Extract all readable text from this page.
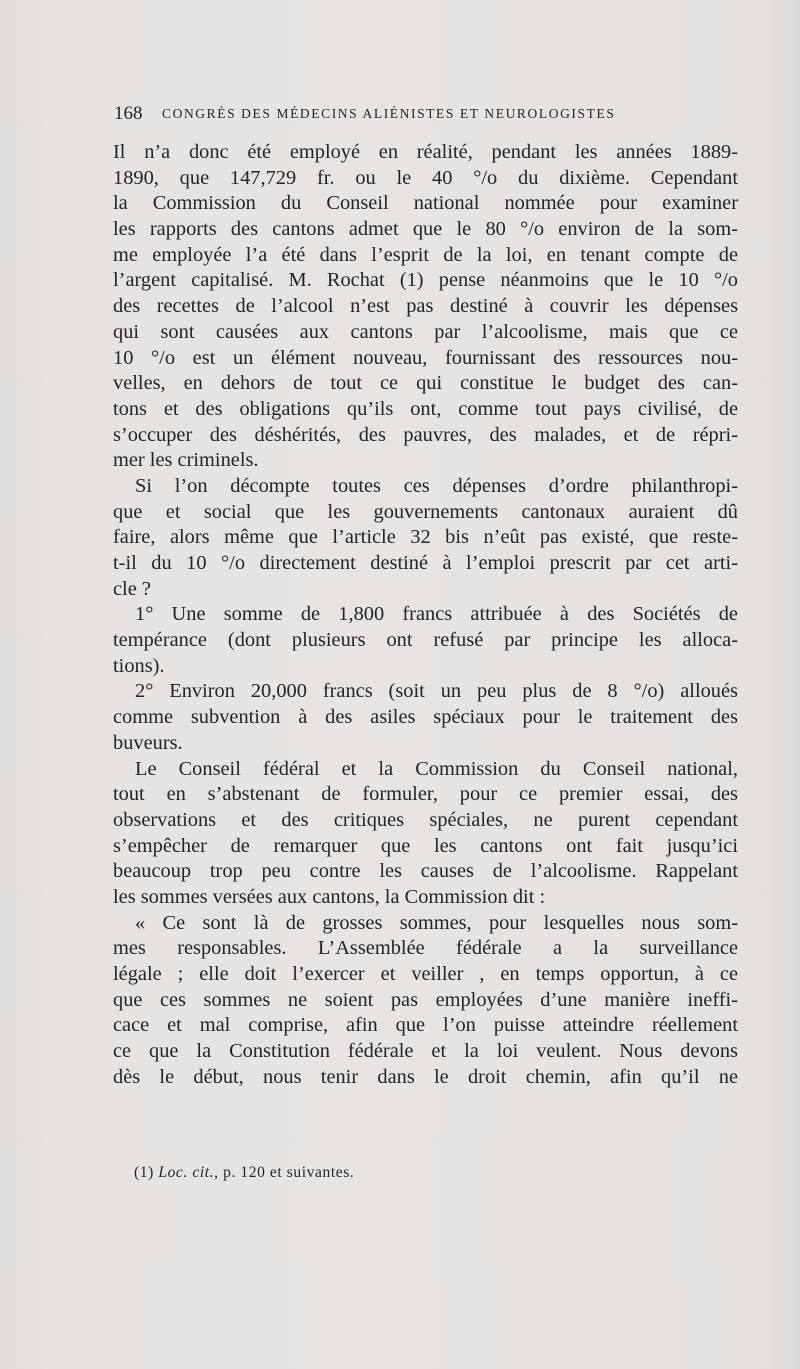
168 CONGRÈS DES MÉDECINS ALIÉNISTES ET NEUROLOGISTES
Il n’a donc été employé en réalité, pendant les années 1889-
1890, que 147,729 fr. ou le 40 °/o du dixième. Cependant
la Commission du Conseil national nommée pour examiner
les rapports des cantons admet que le 80 °/o environ de la som-
me employée l’a été dans l’esprit de la loi, en tenant compte de
l’argent capitalisé. M. Rochat (1) pense néanmoins que le 10 °/o
des recettes de l’alcool n’est pas destiné à couvrir les dépenses
qui sont causées aux cantons par l’alcoolisme, mais que ce
10 °/o est un élément nouveau, fournissant des ressources nou-
velles, en dehors de tout ce qui constitue le budget des can-
tons et des obligations qu’ils ont, comme tout pays civilisé, de
s’occuper des déshérités, des pauvres, des malades, et de répri-
mer les criminels.
Si l’on décompte toutes ces dépenses d’ordre philanthropi-
que et social que les gouvernements cantonaux auraient dû
faire, alors même que l’article 32 bis n’eût pas existé, que reste-
t-il du 10 °/o directement destiné à l’emploi prescrit par cet arti-
cle ?
1° Une somme de 1,800 francs attribuée à des Sociétés de
tempérance (dont plusieurs ont refusé par principe les alloca-
tions).
2° Environ 20,000 francs (soit un peu plus de 8 °/o) alloués
comme subvention à des asiles spéciaux pour le traitement des
buveurs.
Le Conseil fédéral et la Commission du Conseil national,
tout en s’abstenant de formuler, pour ce premier essai, des
observations et des critiques spéciales, ne purent cependant
s’empêcher de remarquer que les cantons ont fait jusqu’ici
beaucoup trop peu contre les causes de l’alcoolisme. Rappelant
les sommes versées aux cantons, la Commission dit :
« Ce sont là de grosses sommes, pour lesquelles nous som-
mes responsables. L’Assemblée fédérale a la surveillance
légale ; elle doit l’exercer et veiller , en temps opportun, à ce
que ces sommes ne soient pas employées d’une manière ineffi-
cace et mal comprise, afin que l’on puisse atteindre réellement
ce que la Constitution fédérale et la loi veulent. Nous devons
dès le début, nous tenir dans le droit chemin, afin qu’il ne
(1) Loc. cit., p. 120 et suivantes.
